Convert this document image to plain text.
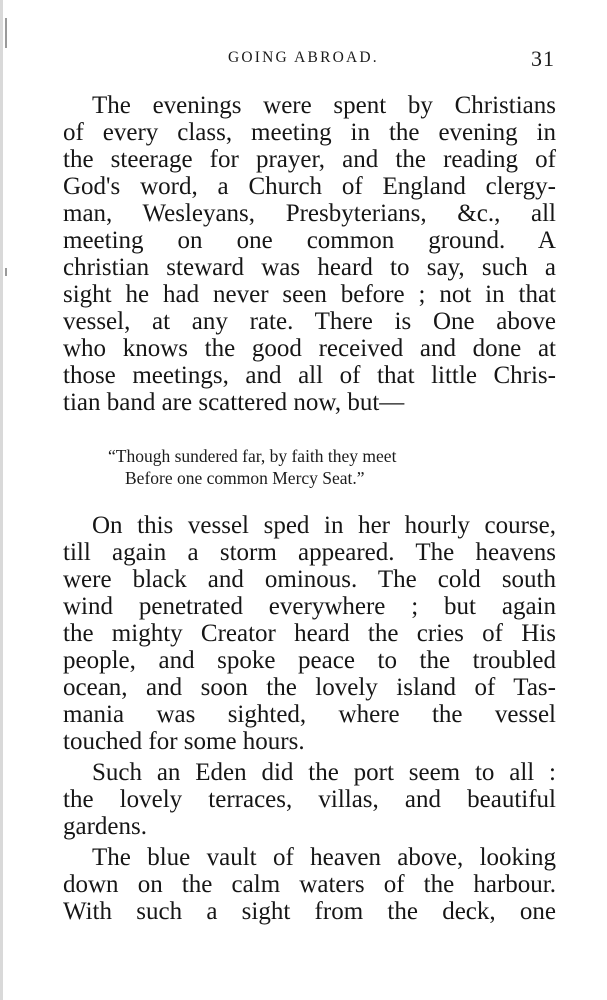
GOING ABROAD.	31
The evenings were spent by Christians
of every class, meeting in the evening in
the steerage for prayer, and the reading of
God's word, a Church of England clergy-
man, Wesleyans, Presbyterians, &c., all
meeting on one common ground. A
christian steward was heard to say, such a
sight he had never seen before ; not in that
vessel, at any rate. There is One above
who knows the good received and done at
those meetings, and all of that little Chris-
tian band are scattered now, but—
“Though sundered far, by faith they meet
Before one common Mercy Seat.”
On this vessel sped in her hourly course,
till again a storm appeared. The heavens
were black and ominous. The cold south
wind penetrated everywhere ; but again
the mighty Creator heard the cries of His
people, and spoke peace to the troubled
ocean, and soon the lovely island of Tas-
mania was sighted, where the vessel
touched for some hours.
Such an Eden did the port seem to all :
the lovely terraces, villas, and beautiful
gardens.
The blue vault of heaven above, looking
down on the calm waters of the harbour.
With such a sight from the deck, one
